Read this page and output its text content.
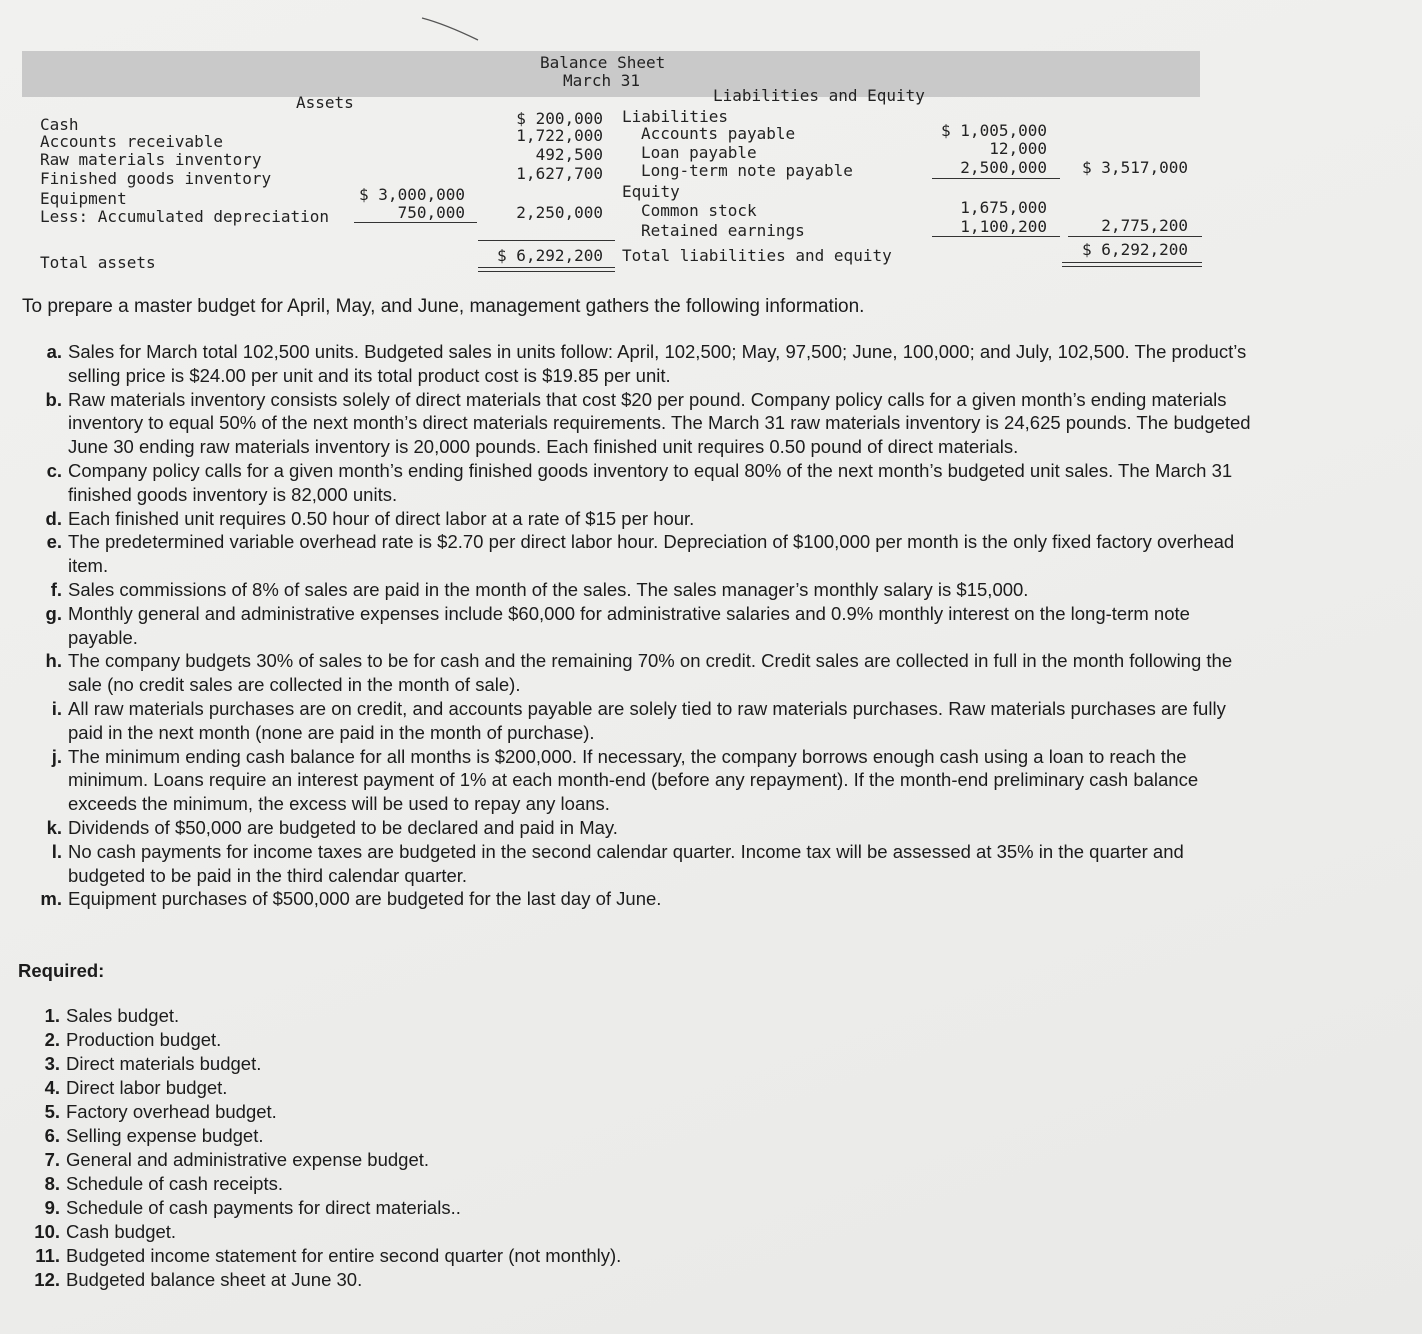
Balance Sheet
March 31
Assets	Liabilities and Equity
Cash
Accounts receivable
Raw materials inventory
Finished goods inventory
Equipment
Less: Accumulated depreciation
Total assets
$ 3,000,000
750,000
$ 200,000
1,722,000
492,500
1,627,700
2,250,000
$ 6,292,200
Liabilities
Accounts payable
Loan payable
Long-term note payable
Equity
Common stock
Retained earnings
Total liabilities and equity
$ 1,005,000
12,000
2,500,000
1,675,000
1,100,200
$ 3,517,000
2,775,200
$ 6,292,200
To prepare a master budget for April, May, and June, management gathers the following information.
a. Sales for March total 102,500 units. Budgeted sales in units follow: April, 102,500; May, 97,500; June, 100,000; and July, 102,500. The product’s selling price is $24.00 per unit and its total product cost is $19.85 per unit.
b. Raw materials inventory consists solely of direct materials that cost $20 per pound. Company policy calls for a given month’s ending materials inventory to equal 50% of the next month’s direct materials requirements. The March 31 raw materials inventory is 24,625 pounds. The budgeted June 30 ending raw materials inventory is 20,000 pounds. Each finished unit requires 0.50 pound of direct materials.
c. Company policy calls for a given month’s ending finished goods inventory to equal 80% of the next month’s budgeted unit sales. The March 31 finished goods inventory is 82,000 units.
d. Each finished unit requires 0.50 hour of direct labor at a rate of $15 per hour.
e. The predetermined variable overhead rate is $2.70 per direct labor hour. Depreciation of $100,000 per month is the only fixed factory overhead item.
f. Sales commissions of 8% of sales are paid in the month of the sales. The sales manager’s monthly salary is $15,000.
g. Monthly general and administrative expenses include $60,000 for administrative salaries and 0.9% monthly interest on the long-term note payable.
h. The company budgets 30% of sales to be for cash and the remaining 70% on credit. Credit sales are collected in full in the month following the sale (no credit sales are collected in the month of sale).
i. All raw materials purchases are on credit, and accounts payable are solely tied to raw materials purchases. Raw materials purchases are fully paid in the next month (none are paid in the month of purchase).
j. The minimum ending cash balance for all months is $200,000. If necessary, the company borrows enough cash using a loan to reach the minimum. Loans require an interest payment of 1% at each month-end (before any repayment). If the month-end preliminary cash balance exceeds the minimum, the excess will be used to repay any loans.
k. Dividends of $50,000 are budgeted to be declared and paid in May.
l. No cash payments for income taxes are budgeted in the second calendar quarter. Income tax will be assessed at 35% in the quarter and budgeted to be paid in the third calendar quarter.
m. Equipment purchases of $500,000 are budgeted for the last day of June.
Required:
1. Sales budget.
2. Production budget.
3. Direct materials budget.
4. Direct labor budget.
5. Factory overhead budget.
6. Selling expense budget.
7. General and administrative expense budget.
8. Schedule of cash receipts.
9. Schedule of cash payments for direct materials..
10. Cash budget.
11. Budgeted income statement for entire second quarter (not monthly).
12. Budgeted balance sheet at June 30.
